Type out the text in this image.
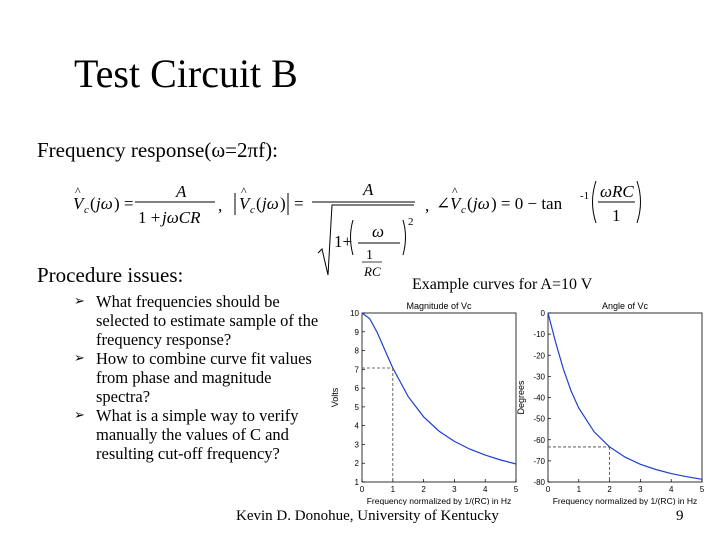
Test Circuit B
Frequency response(ω=2πf):
V
^
c ( jω ) =
A
1 + jωCR
, V
^
c ( jω ) =
A
1+
ω
1
RC
2
, ∠ V
^
c ( jω ) = 0 − tan -1 ωRC
1
Procedure issues:
➢ What frequencies should be selected to estimate sample of the frequency response?
➢ How to combine curve fit values from phase and magnitude spectra?
➢ What is a simple way to verify manually the values of C and resulting cut-off frequency?
Example curves for A=10 V
Magnitude of Vc
Frequency normalized by 1/(RC) in Hz
Volts
0	1	2	3	4	5
1
2
3
4
5
6
7
8
9
10
Angle of Vc
Frequency normalized by 1/(RC) in Hz
Degrees
0	1	2	3	4	5
0
-10
-20
-30
-40
-50
-60
-70
-80
Kevin D. Donohue, University of Kentucky	9
